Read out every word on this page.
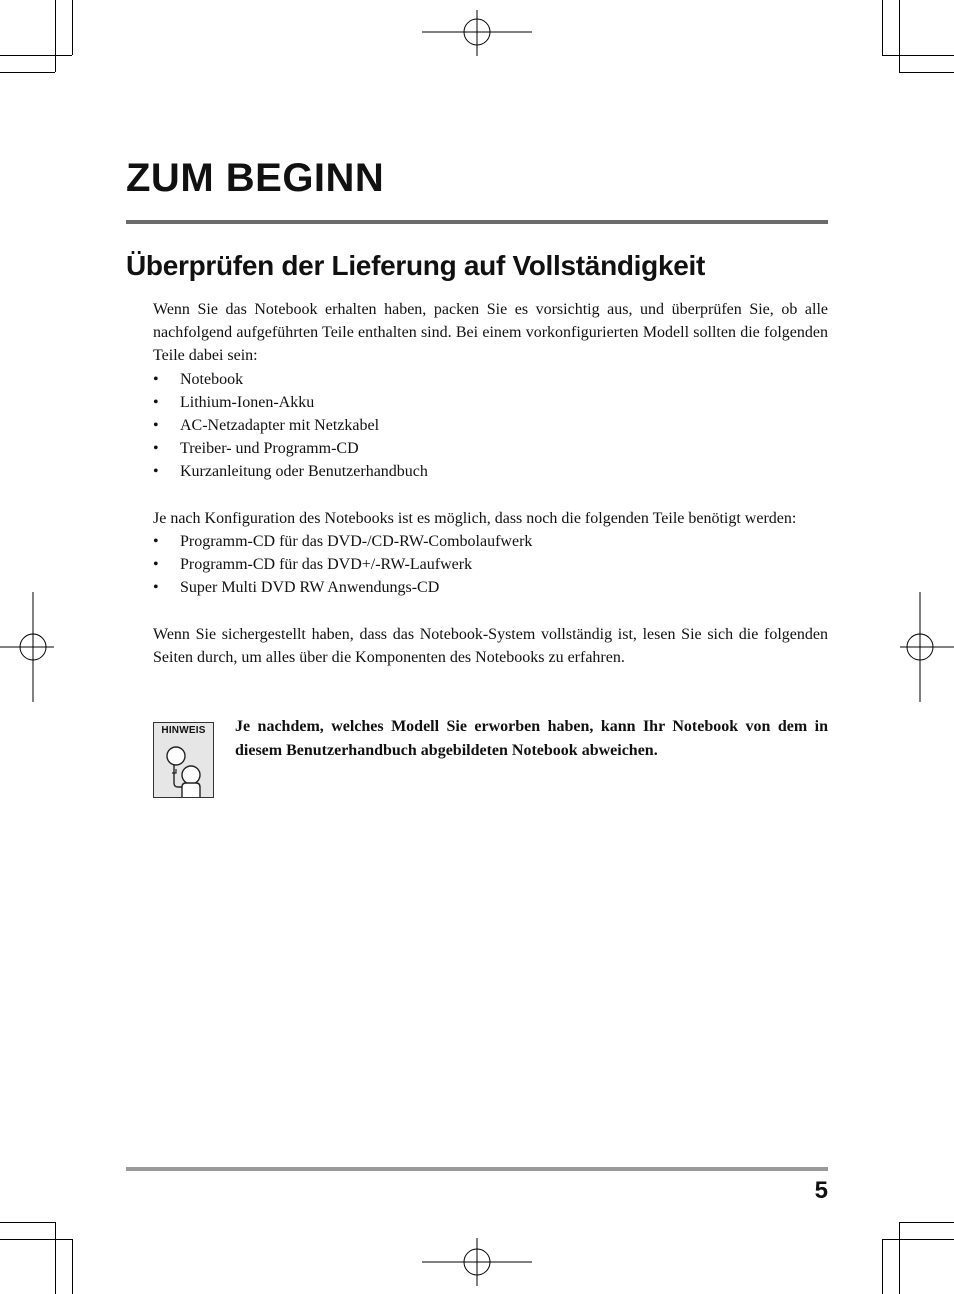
ZUM BEGINN
Überprüfen der Lieferung auf Vollständigkeit

Wenn Sie das Notebook erhalten haben, packen Sie es vorsichtig aus, und überprüfen Sie, ob alle nachfolgend aufgeführten Teile enthalten sind. Bei einem vorkonfigurierten Modell sollten die folgenden Teile dabei sein:

• Notebook
• Lithium-Ionen-Akku
• AC-Netzadapter mit Netzkabel
• Treiber- und Programm-CD
• Kurzanleitung oder Benutzerhandbuch

Je nach Konfiguration des Notebooks ist es möglich, dass noch die folgenden Teile benötigt werden:

• Programm-CD für das DVD-/CD-RW-Combolaufwerk
• Programm-CD für das DVD+/-RW-Laufwerk
• Super Multi DVD RW Anwendungs-CD

Wenn Sie sichergestellt haben, dass das Notebook-System vollständig ist, lesen Sie sich die folgenden Seiten durch, um alles über die Komponenten des Notebooks zu erfahren.

HINWEIS	Je nachdem, welches Modell Sie erworben haben, kann Ihr Notebook von dem in diesem Benutzerhandbuch abgebildeten Notebook abweichen.

5
